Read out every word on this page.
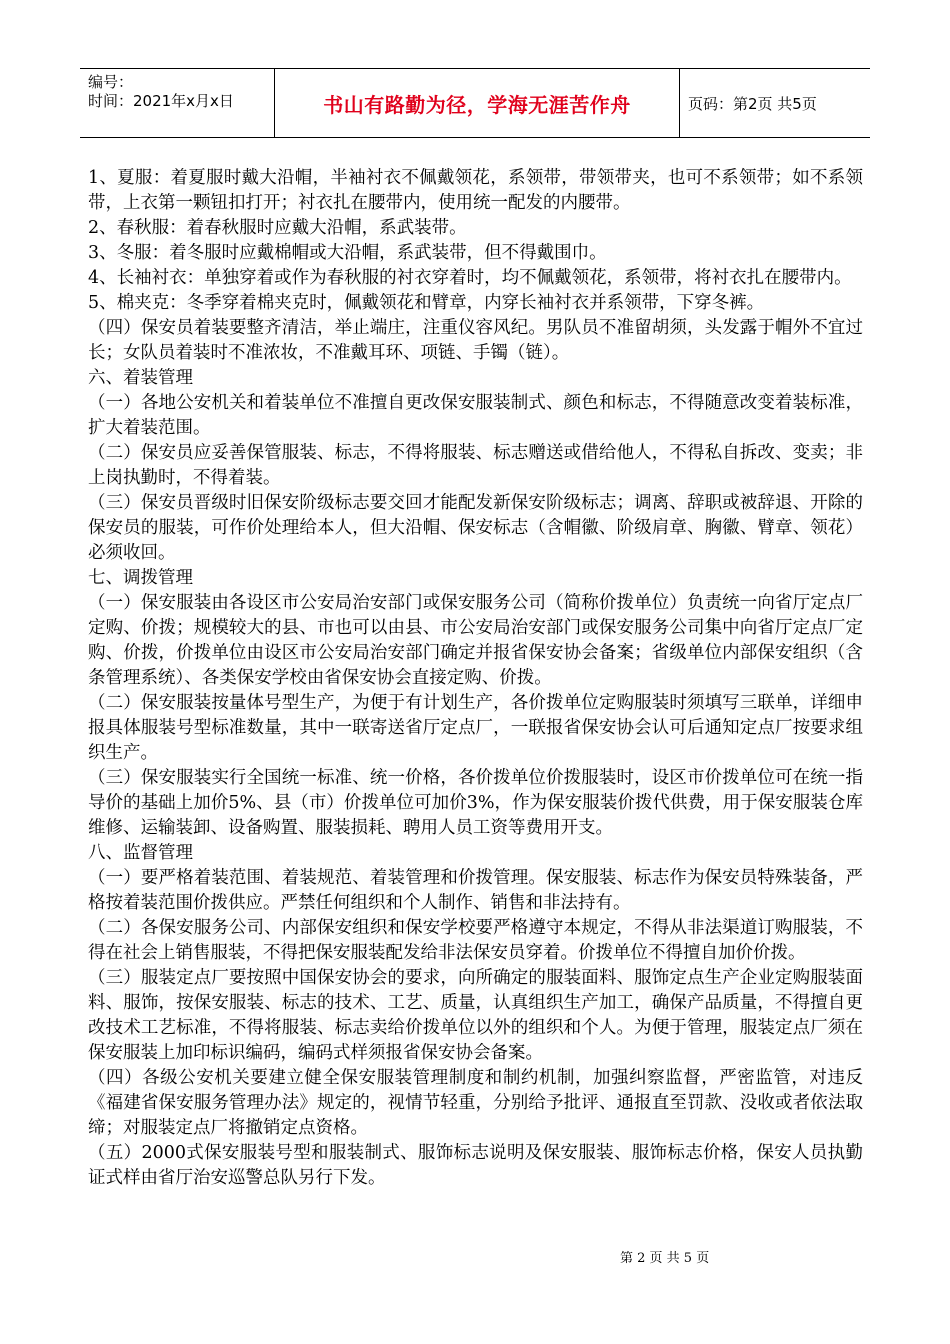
编号：
时间：2021年x月x日	书山有路勤为径，学海无涯苦作舟	页码：第2页 共5页

1、夏服：着夏服时戴大沿帽，半袖衬衣不佩戴领花，系领带，带领带夹，也可不系领带；如不系领带，上衣第一颗钮扣打开；衬衣扎在腰带内，使用统一配发的内腰带。

2、春秋服：着春秋服时应戴大沿帽，系武装带。

3、冬服：着冬服时应戴棉帽或大沿帽，系武装带，但不得戴围巾。

4、长袖衬衣：单独穿着或作为春秋服的衬衣穿着时，均不佩戴领花，系领带，将衬衣扎在腰带内。

5、棉夹克：冬季穿着棉夹克时，佩戴领花和臂章，内穿长袖衬衣并系领带，下穿冬裤。

（四）保安员着装要整齐清洁，举止端庄，注重仪容风纪。男队员不准留胡须，头发露于帽外不宜过长；女队员着装时不准浓妆，不准戴耳环、项链、手镯（链）。

六、着装管理

（一）各地公安机关和着装单位不准擅自更改保安服装制式、颜色和标志，不得随意改变着装标准，扩大着装范围。

（二）保安员应妥善保管服装、标志，不得将服装、标志赠送或借给他人，不得私自拆改、变卖；非上岗执勤时，不得着装。

（三）保安员晋级时旧保安阶级标志要交回才能配发新保安阶级标志；调离、辞职或被辞退、开除的保安员的服装，可作价处理给本人，但大沿帽、保安标志（含帽徽、阶级肩章、胸徽、臂章、领花）必须收回。

七、调拨管理

（一）保安服装由各设区市公安局治安部门或保安服务公司（简称价拨单位）负责统一向省厅定点厂定购、价拨；规模较大的县、市也可以由县、市公安局治安部门或保安服务公司集中向省厅定点厂定购、价拨，价拨单位由设区市公安局治安部门确定并报省保安协会备案；省级单位内部保安组织（含条管理系统）、各类保安学校由省保安协会直接定购、价拨。

（二）保安服装按量体号型生产，为便于有计划生产，各价拨单位定购服装时须填写三联单，详细申报具体服装号型标准数量，其中一联寄送省厅定点厂，一联报省保安协会认可后通知定点厂按要求组织生产。

（三）保安服装实行全国统一标准、统一价格，各价拨单位价拨服装时，设区市价拨单位可在统一指导价的基础上加价5%、县（市）价拨单位可加价3%，作为保安服装价拨代供费，用于保安服装仓库维修、运输装卸、设备购置、服装损耗、聘用人员工资等费用开支。

八、监督管理

（一）要严格着装范围、着装规范、着装管理和价拨管理。保安服装、标志作为保安员特殊装备，严格按着装范围价拨供应。严禁任何组织和个人制作、销售和非法持有。

（二）各保安服务公司、内部保安组织和保安学校要严格遵守本规定，不得从非法渠道订购服装，不得在社会上销售服装，不得把保安服装配发给非法保安员穿着。价拨单位不得擅自加价价拨。

（三）服装定点厂要按照中国保安协会的要求，向所确定的服装面料、服饰定点生产企业定购服装面料、服饰，按保安服装、标志的技术、工艺、质量，认真组织生产加工，确保产品质量，不得擅自更改技术工艺标准，不得将服装、标志卖给价拨单位以外的组织和个人。为便于管理，服装定点厂须在保安服装上加印标识编码，编码式样须报省保安协会备案。

（四）各级公安机关要建立健全保安服装管理制度和制约机制，加强纠察监督，严密监管，对违反《福建省保安服务管理办法》规定的，视情节轻重，分别给予批评、通报直至罚款、没收或者依法取缔；对服装定点厂将撤销定点资格。

（五）2000式保安服装号型和服装制式、服饰标志说明及保安服装、服饰标志价格，保安人员执勤证式样由省厅治安巡警总队另行下发。

第 2 页 共 5 页
